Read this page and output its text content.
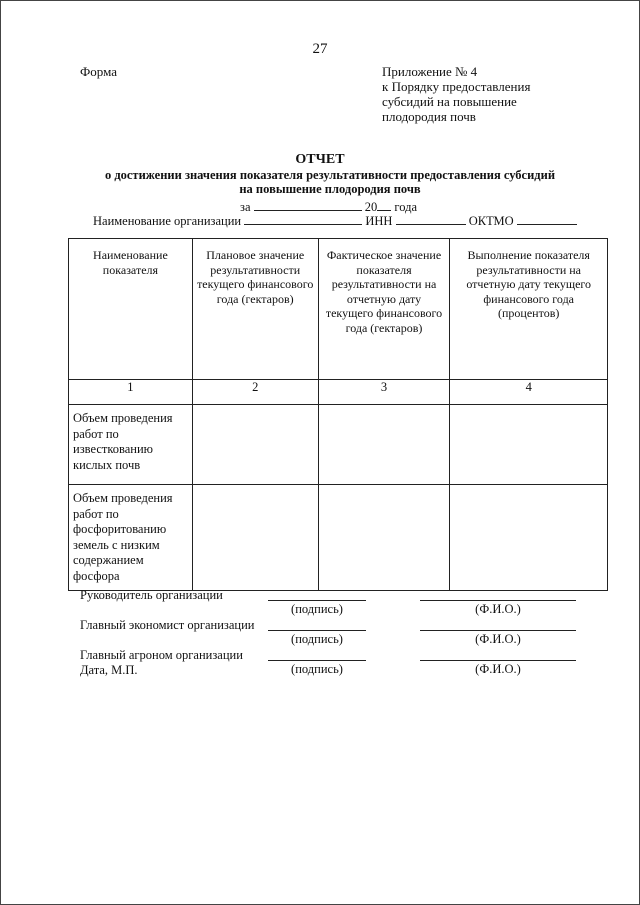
27
Форма	Приложение № 4
к Порядку предоставления
субсидий на повышение
плодородия почв
ОТЧЕТ
о достижении значения показателя результативности предоставления субсидий
на повышение плодородия почв
за	20 года
Наименование организации	ИНН	ОКТМО
Наименование показателя	Плановое значение результативности текущего финансового года (гектаров)	Фактическое значение показателя результативности на отчетную дату текущего финансового года (гектаров)	Выполнение показателя результативности на отчетную дату текущего финансового года (процентов)

1	2	3	4
Объем проведения работ по известкованию кислых почв			
Объем проведения работ по фосфоритованию земель с низким содержанием фосфора			
Руководитель организации
(подпись)	(Ф.И.О.)
Главный экономист организации
(подпись)	(Ф.И.О.)
Главный агроном организации
Дата, М.П.	(подпись)	(Ф.И.О.)
